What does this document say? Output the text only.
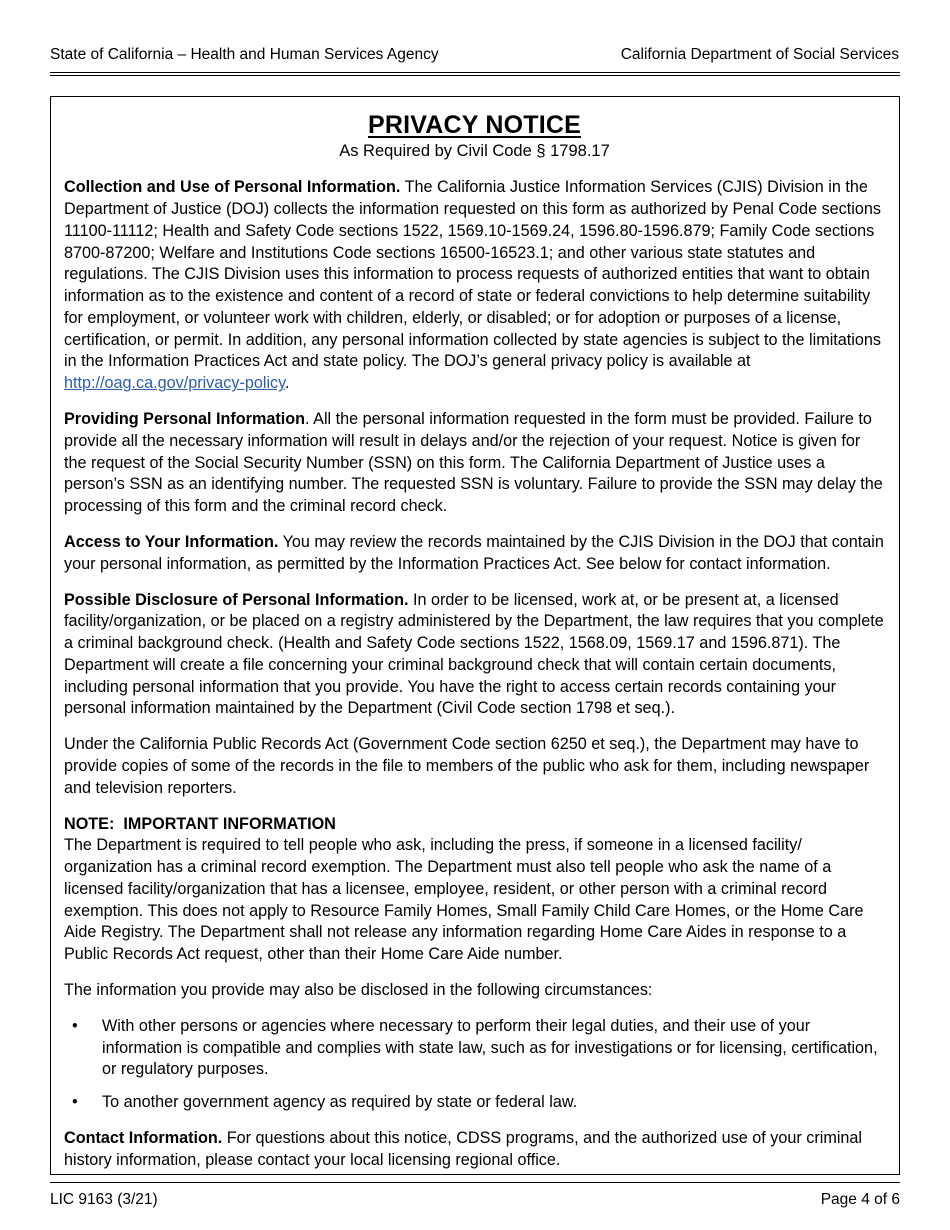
State of California – Health and Human Services Agency	California Department of Social Services
PRIVACY NOTICE
As Required by Civil Code § 1798.17

Collection and Use of Personal Information. The California Justice Information Services (CJIS) Division in the Department of Justice (DOJ) collects the information requested on this form as authorized by Penal Code sections 11100-11112; Health and Safety Code sections 1522, 1569.10-1569.24, 1596.80-1596.879; Family Code sections 8700-87200; Welfare and Institutions Code sections 16500-16523.1; and other various state statutes and regulations. The CJIS Division uses this information to process requests of authorized entities that want to obtain information as to the existence and content of a record of state or federal convictions to help determine suitability for employment, or volunteer work with children, elderly, or disabled; or for adoption or purposes of a license, certification, or permit. In addition, any personal information collected by state agencies is subject to the limitations in the Information Practices Act and state policy. The DOJ’s general privacy policy is available at http://oag.ca.gov/privacy-policy.

Providing Personal Information. All the personal information requested in the form must be provided. Failure to provide all the necessary information will result in delays and/or the rejection of your request. Notice is given for the request of the Social Security Number (SSN) on this form. The California Department of Justice uses a person’s SSN as an identifying number. The requested SSN is voluntary. Failure to provide the SSN may delay the processing of this form and the criminal record check.

Access to Your Information. You may review the records maintained by the CJIS Division in the DOJ that contain your personal information, as permitted by the Information Practices Act. See below for contact information.

Possible Disclosure of Personal Information. In order to be licensed, work at, or be present at, a licensed facility/organization, or be placed on a registry administered by the Department, the law requires that you complete a criminal background check. (Health and Safety Code sections 1522, 1568.09, 1569.17 and 1596.871). The Department will create a file concerning your criminal background check that will contain certain documents, including personal information that you provide. You have the right to access certain records containing your personal information maintained by the Department (Civil Code section 1798 et seq.).

Under the California Public Records Act (Government Code section 6250 et seq.), the Department may have to provide copies of some of the records in the file to members of the public who ask for them, including newspaper and television reporters.

NOTE:  IMPORTANT INFORMATION

The Department is required to tell people who ask, including the press, if someone in a licensed facility/ organization has a criminal record exemption. The Department must also tell people who ask the name of a licensed facility/organization that has a licensee, employee, resident, or other person with a criminal record exemption. This does not apply to Resource Family Homes, Small Family Child Care Homes, or the Home Care Aide Registry. The Department shall not release any information regarding Home Care Aides in response to a Public Records Act request, other than their Home Care Aide number.

The information you provide may also be disclosed in the following circumstances:

• With other persons or agencies where necessary to perform their legal duties, and their use of your information is compatible and complies with state law, such as for investigations or for licensing, certification, or regulatory purposes.
• To another government agency as required by state or federal law.

Contact Information. For questions about this notice, CDSS programs, and the authorized use of your criminal history information, please contact your local licensing regional office.

LIC 9163 (3/21)	Page 4 of 6
